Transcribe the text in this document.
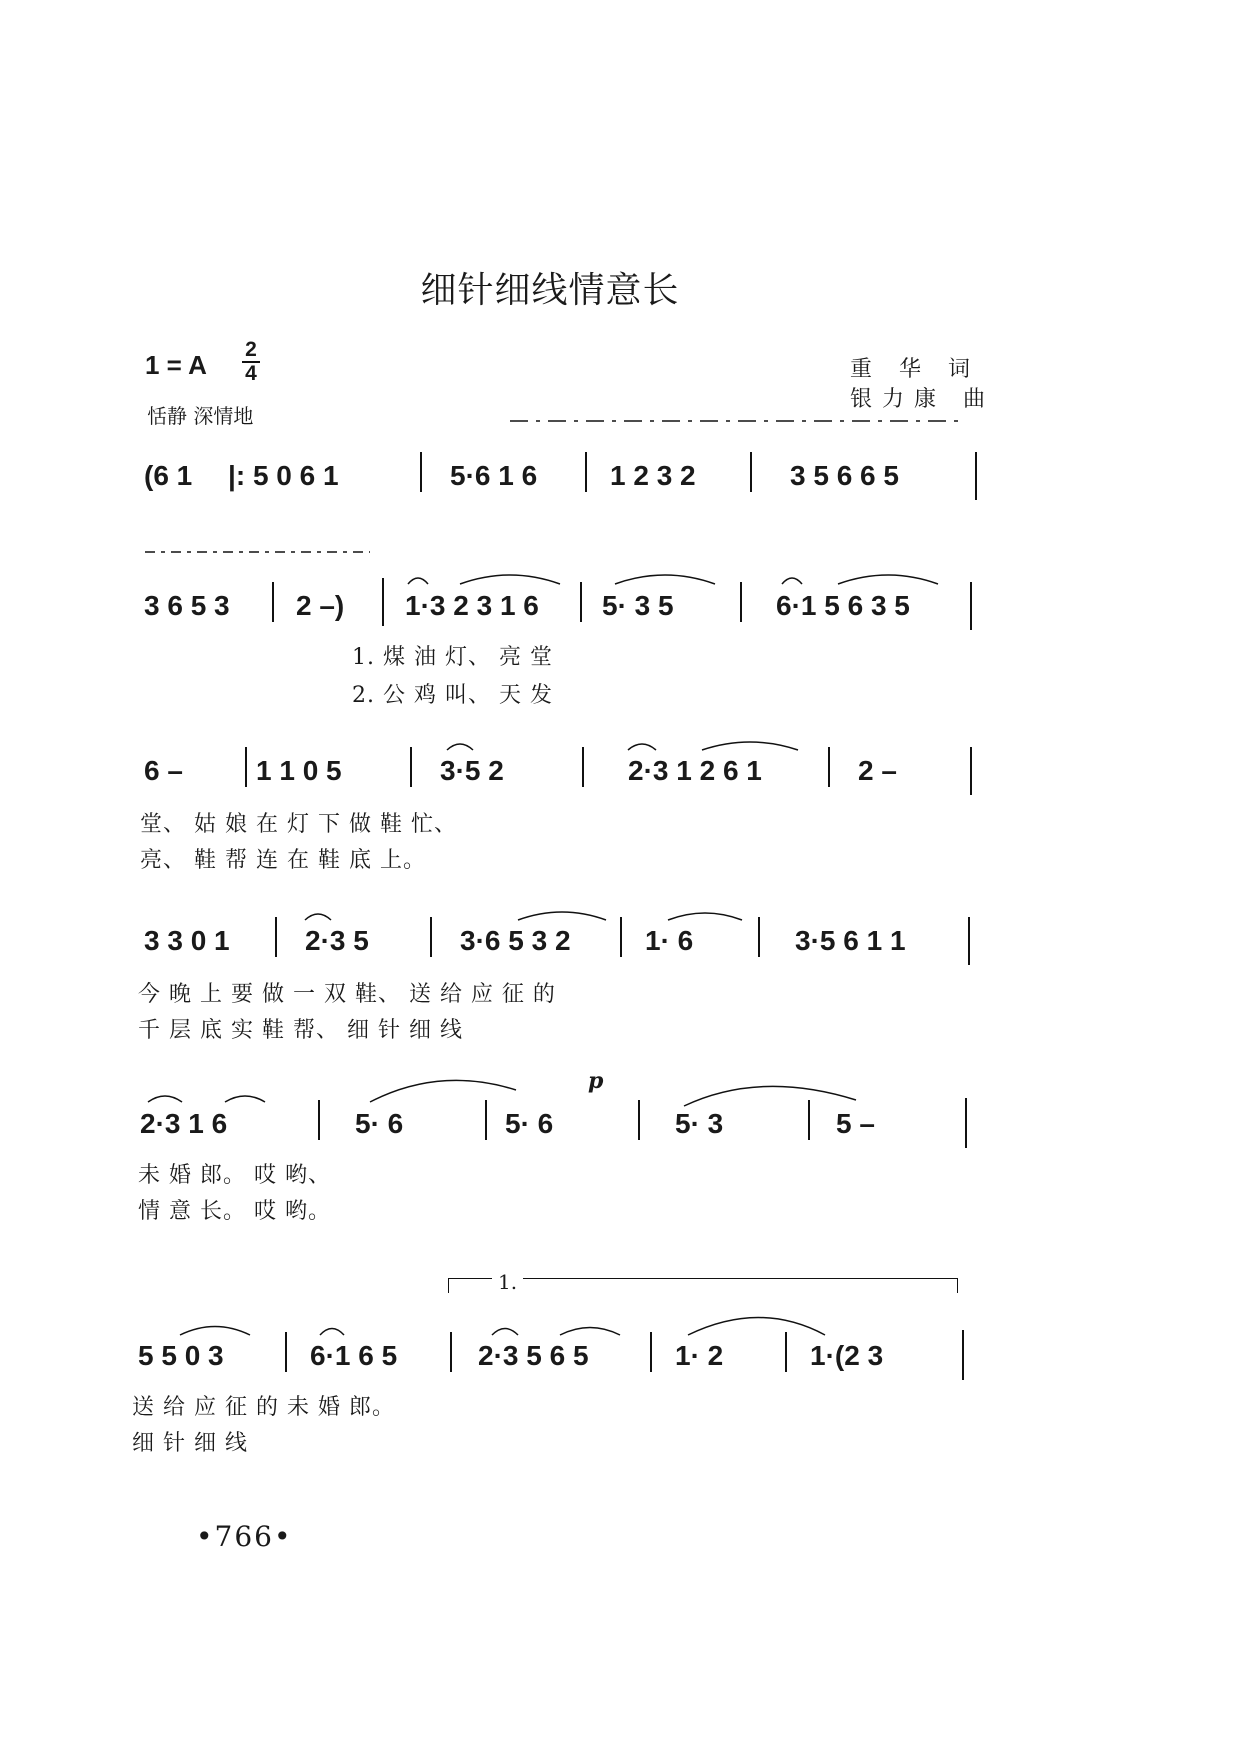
细针细线情意长
1 = A
2
4
恬静 深情地
重 华 词
银力康 曲
(6 1 |: 5 0 6 1	5·6 1 6	1 2 3 2	3 5 6 6 5
3 6 5 3 2 –) 1·3 2 3 1 6 5· 3 5	6·1 5 6 3 5
1. 煤 油 灯、 亮 堂
2. 公 鸡 叫、 天 发
6 –	1 1 0 5	3·5 2	2·3 1 2 6 1	2 –
堂、 姑 娘 在 灯 下 做 鞋 忙、
亮、 鞋 帮 连 在 鞋 底 上。
3 3 0 1	2·3 5	3·6 5 3 2	1· 6	3·5 6 1 1
今 晚 上 要 做 一 双 鞋、 送 给 应 征 的
千 层 底 实 鞋 帮、 细 针 细 线
p
2·3 1 6	5· 6	5· 6	5· 3	5 –
未 婚 郎。 哎 哟、
情 意 长。 哎 哟。
1.
5 5 0 3	6·1 6 5	2·3 5 6 5	1· 2	1·(2 3
送 给 应 征 的 未 婚 郎。
细 针 细 线
•766•
